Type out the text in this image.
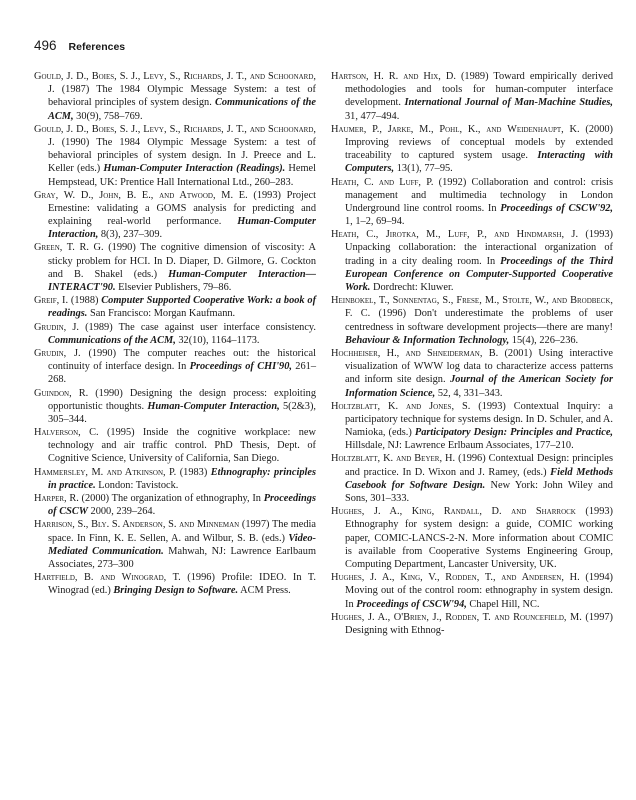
496 References

Gould, J. D., Boies, S. J., Levy, S., Richards, J. T., and Schoonard, J. (1987) The 1984 Olympic Message System: a test of behavioral principles of system design. Communications of the ACM, 30(9), 758–769.

Gould, J. D., Boies, S. J., Levy, S., Richards, J. T., and Schoonard, J. (1990) The 1984 Olympic Message System: a test of behavioral principles of system design. In J. Preece and L. Keller (eds.) Human-Computer Interaction (Readings). Hemel Hempstead, UK: Prentice Hall International Ltd., 260–283.

Gray, W. D., John, B. E., and Atwood, M. E. (1993) Project Ernestine: validating a GOMS analysis for predicting and explaining real-world performance. Human-Computer Interaction, 8(3), 237–309.

Green, T. R. G. (1990) The cognitive dimension of viscosity: A sticky problem for HCI. In D. Diaper, D. Gilmore, G. Cockton and B. Shakel (eds.) Human-Computer Interaction—INTERACT'90. Elsevier Publishers, 79–86.

Greif, I. (1988) Computer Supported Cooperative Work: a book of readings. San Francisco: Morgan Kaufmann.

Grudin, J. (1989) The case against user interface consistency. Communications of the ACM, 32(10), 1164–1173.

Grudin, J. (1990) The computer reaches out: the historical continuity of interface design. In Proceedings of CHI'90, 261–268.

Guindon, R. (1990) Designing the design process: exploiting opportunistic thoughts. Human-Computer Interaction, 5(2&3), 305–344.

Halverson, C. (1995) Inside the cognitive workplace: new technology and air traffic control. PhD Thesis, Dept. of Cognitive Science, University of California, San Diego.

Hammersley, M. and Atkinson, P. (1983) Ethnography: principles in practice. London: Tavistock.

Harper, R. (2000) The organization of ethnography, In Proceedings of CSCW 2000, 239–264.

Harrison, S., Bly. S. Anderson, S. and Minneman (1997) The media space. In Finn, K. E. Sellen, A. and Wilbur, S. B. (eds.) Video-Mediated Communication. Mahwah, NJ: Lawrence Earlbaum Associates, 273–300

Hartfield, B. and Winograd, T. (1996) Profile: IDEO. In T. Winograd (ed.) Bringing Design to Software. ACM Press.

Hartson, H. R. and Hix, D. (1989) Toward empirically derived methodologies and tools for human-computer interface development. International Journal of Man-Machine Studies, 31, 477–494.

Haumer, P., Jarke, M., Pohl, K., and Weidenhaupt, K. (2000) Improving reviews of conceptual models by extended traceability to captured system usage. Interacting with Computers, 13(1), 77–95.

Heath, C. and Luff, P. (1992) Collaboration and control: crisis management and multimedia technology in London Underground line control rooms. In Proceedings of CSCW'92, 1, 1–2, 69–94.

Heath, C., Jirotka, M., Luff, P., and Hindmarsh, J. (1993) Unpacking collaboration: the interactional organization of trading in a city dealing room. In Proceedings of the Third European Conference on Computer-Supported Cooperative Work. Dordrecht: Kluwer.

Heinbokel, T., Sonnentag, S., Frese, M., Stolte, W., and Brodbeck, F. C. (1996) Don't underestimate the problems of user centredness in software development projects—there are many! Behaviour & Information Technology, 15(4), 226–236.

Hochheiser, H., and Shneiderman, B. (2001) Using interactive visualization of WWW log data to characterize access patterns and inform site design. Journal of the American Society for Information Science, 52, 4, 331–343.

Holtzblatt, K. and Jones, S. (1993) Contextual Inquiry: a participatory technique for systems design. In D. Schuler, and A. Namioka, (eds.) Participatory Design: Principles and Practice, Hillsdale, NJ: Lawrence Erlbaum Associates, 177–210.

Holtzblatt, K. and Beyer, H. (1996) Contextual Design: principles and practice. In D. Wixon and J. Ramey, (eds.) Field Methods Casebook for Software Design. New York: John Wiley and Sons, 301–333.

Hughes, J. A., King, Randall, D. and Sharrock (1993) Ethnography for system design: a guide, COMIC working paper, COMIC-LANCS-2-N. More information about COMIC is available from Cooperative Systems Engineering Group, Computing Department, Lancaster University, UK.

Hughes, J. A., King, V., Rodden, T., and Andersen, H. (1994) Moving out of the control room: ethnography in system design. In Proceedings of CSCW'94, Chapel Hill, NC.

Hughes, J. A., O'Brien, J., Rodden, T. and Rouncefield, M. (1997) Designing with Ethnog-
